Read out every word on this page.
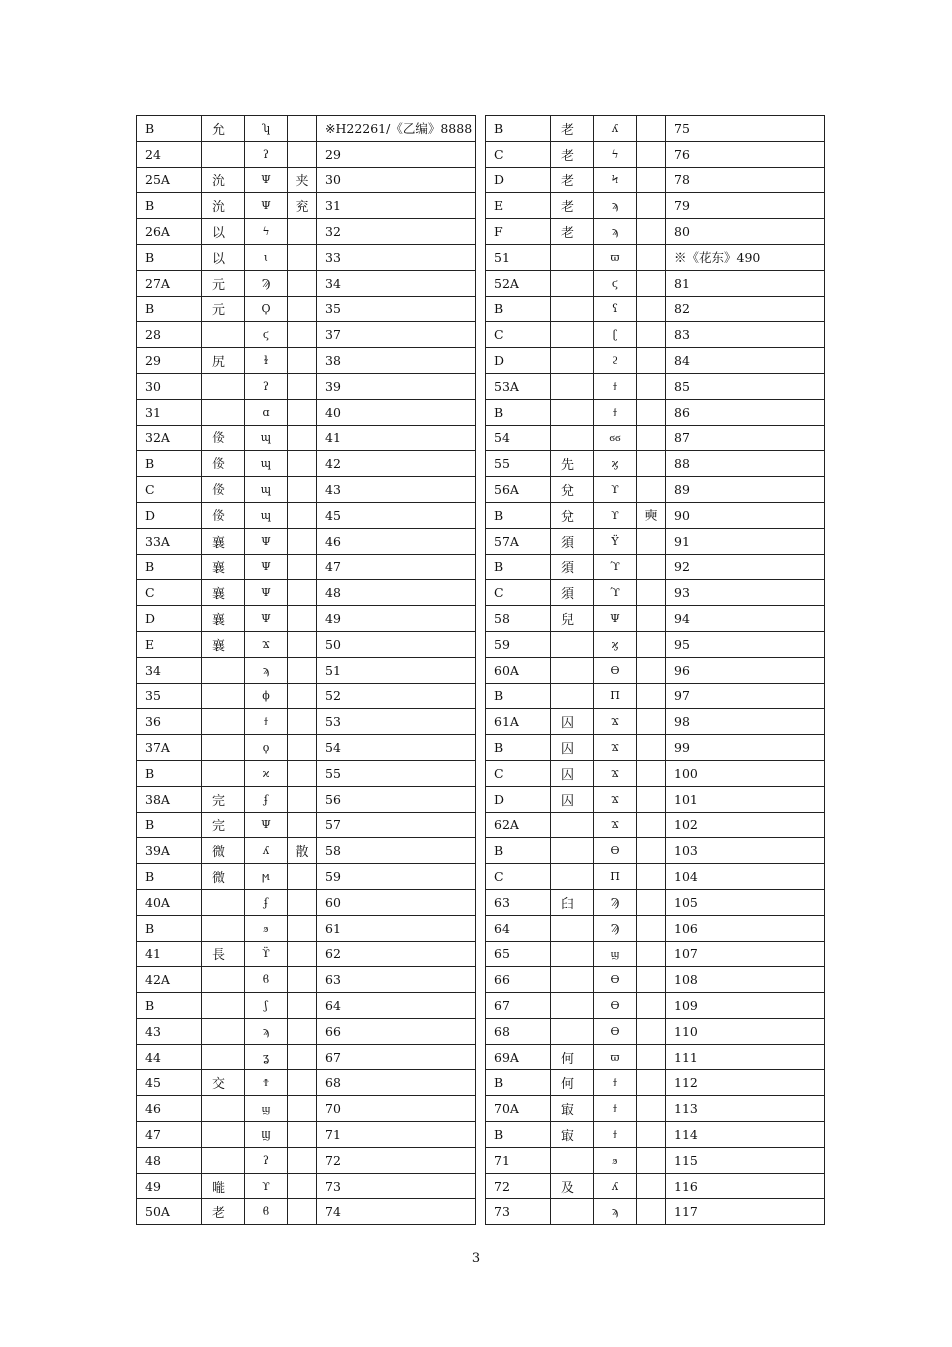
B	允	ʮ		※H22261/《乙编》8888
24		ʔ		29
25A	沇	Ψ	夹	30
B	沇	Ψ	兖	31
26A	以	ϟ		32
B	以	ɩ		33
27A	元	Ϡ		34
B	元	Ϙ		35
28		ϛ		37
29	尻	ɫ		38
30		ʔ		39
31		ɑ		40
32A	𠈍	ɰ		41
B	𠈍	ɰ		42
C	𠈍	ɰ		43
D	𠈍	ɰ		45
33A	襄	Ψ		46
B	襄	Ψ		47
C	襄	Ψ		48
D	襄	Ψ		49
E	襄	Ϫ		50
34		ϡ		51
35		ϕ		52
36		ϯ		53
37A		ϙ		54
B		ϰ		55
38A	完	ʄ		56
B	完	Ψ		57
39A	微	ʎ	散	58
B	微	ϻ		59
40A		ʄ		60
B		ϧ		61
41	長	ϔ		62
42A		ϐ		63
B		ʃ		64
43		ϡ		66
44		ʓ		67
45	交	Ϯ		68
46		ϣ		70
47		Ϣ		71
48		ʔ		72
49	𠹌	ϒ		73
50A	老	ϐ		74
B	老	ʎ		75
C	老	ϟ		76
D	老	Ϟ		78
E	老	ϡ		79
F	老	ϡ		80
51		ϖ		※《花东》490
52A		ϛ		81
B		ʕ		82
C		ʗ		83
D		ϩ		84
53A		ϯ		85
B		ϯ		86
54		ϭϭ		87
55	先	ϗ		88
56A	兌	ϒ		89
B	兌	ϒ	𥇛	90
57A	須	Ϋ		91
B	須	ϓ		92
C	須	ϓ		93
58	兒	Ψ		94
59		ϗ		95
60A		ϴ		96
B		Π		97
61A	囚	Ϫ		98
B	囚	Ϫ		99
C	囚	Ϫ		100
D	囚	Ϫ		101
62A		Ϫ		102
B		ϴ		103
C		Π		104
63	𦥑	Ϡ		105
64		Ϡ		106
65		ϣ		107
66		ϴ		108
67		ϴ		109
68		ϴ		110
69A	何	ϖ		111
B	何	ϯ		112
70A	㝡	ϯ		113
B	㝡	ϯ		114
71		ϧ		115
72	及	ʎ		116
73		ϡ		117
3
